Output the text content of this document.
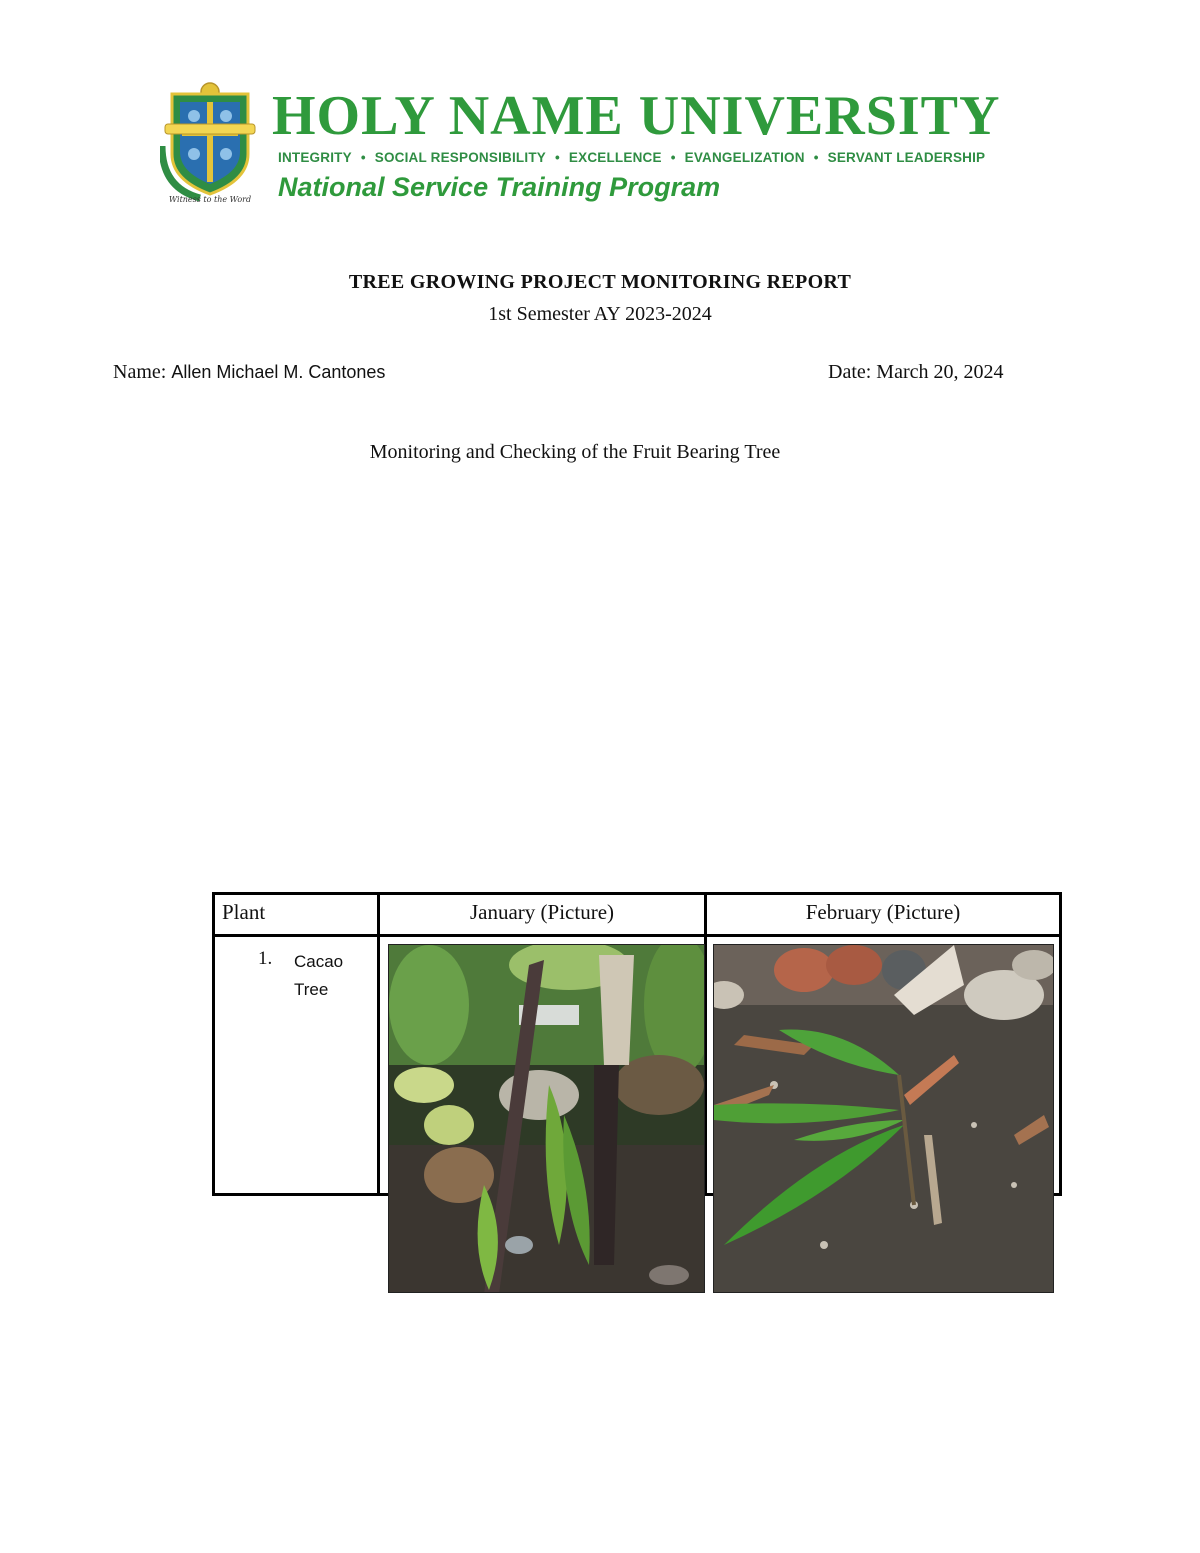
Witness to the Word
HOLY NAME UNIVERSITY
INTEGRITY • SOCIAL RESPONSIBILITY • EXCELLENCE • EVANGELIZATION • SERVANT LEADERSHIP
National Service Training Program
TREE GROWING PROJECT MONITORING REPORT
1st Semester AY 2023-2024
Name: Allen Michael M. Cantones	Date: March 20, 2024
Monitoring and Checking of the Fruit Bearing Tree
Plant	January (Picture)	February (Picture)
1. Cacao Tree
